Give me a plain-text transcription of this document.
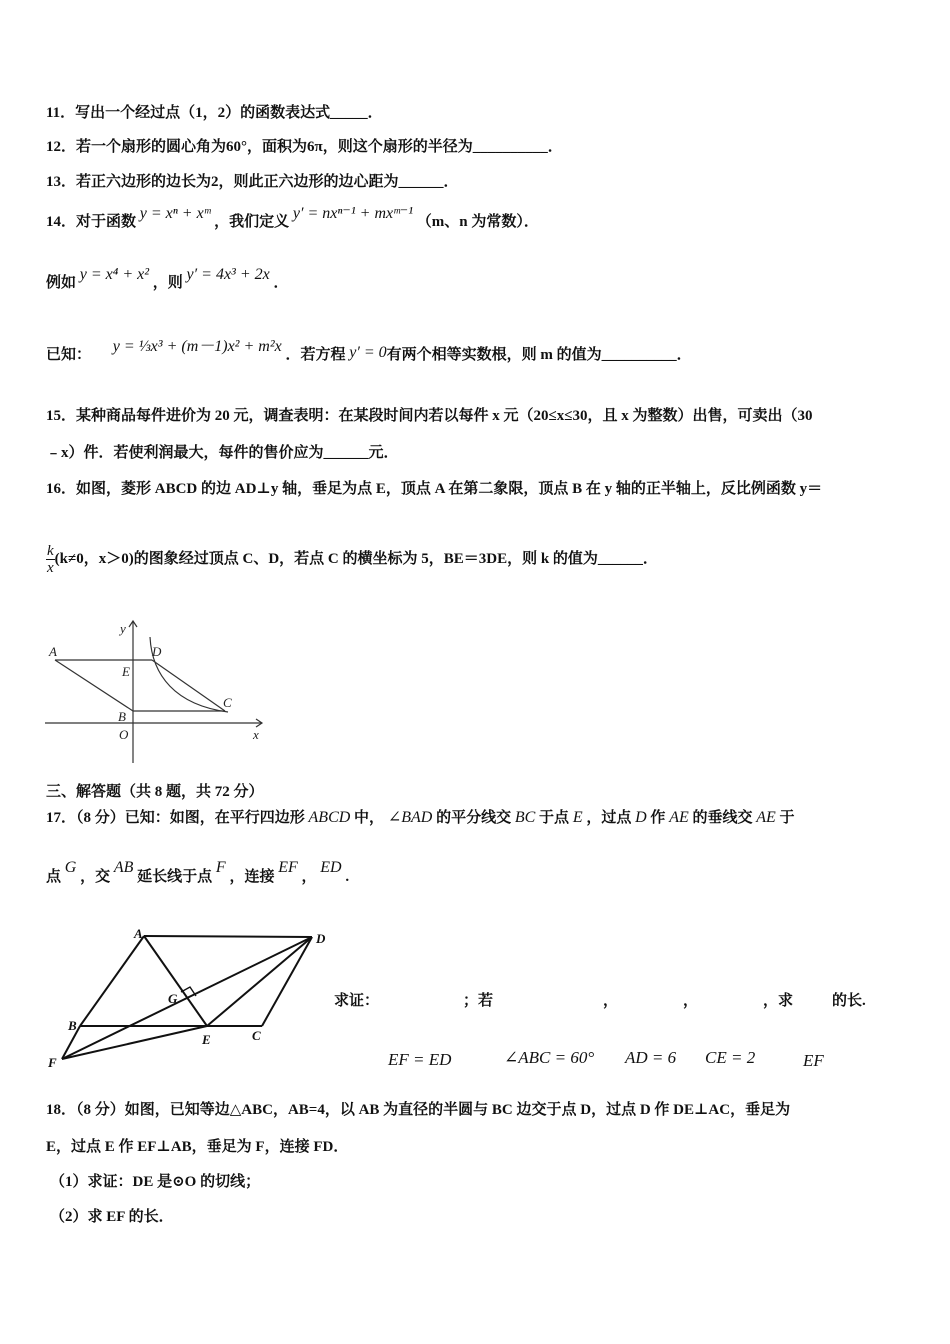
11．写出一个经过点（1，2）的函数表达式_____．
12．若一个扇形的圆心角为60°，面积为6π，则这个扇形的半径为__________．
13．若正六边形的边长为2，则此正六边形的边心距为______．
14．对于函数 y = xⁿ + xᵐ ，我们定义 y′ = nxⁿ⁻¹ + mxᵐ⁻¹ （m、n 为常数）．
例如 y = x⁴ + x² ，则 y′ = 4x³ + 2x ．
已知： y = ⅓x³ + (m－1)x² + m²x ．若方程 y′ = 0有两个相等实数根，则 m 的值为__________．
15．某种商品每件进价为 20 元，调查表明：在某段时间内若以每件 x 元（20≤x≤30，且 x 为整数）出售，可卖出（30
﹣x）件．若使利润最大，每件的售价应为______元．
16．如图，菱形 ABCD 的边 AD⊥y 轴，垂足为点 E，顶点 A 在第二象限，顶点 B 在 y 轴的正半轴上，反比例函数 y＝
$\frac{k}{x} (k\ne 0$，x＞0)的图象经过顶点 C、D，若点 C 的横坐标为 5，BE＝3DE，则 k 的值为______．
y
x
A	D
E
C
B
O
三、解答题（共 8 题，共 72 分）
17．（8 分）已知：如图，在平行四边形 ABCD 中， ∠BAD 的平分线交 BC 于点 E ，过点 D 作 AE 的垂线交 AE 于
点 G ，交 AB 延长线于点 F ，连接 EF ， ED .
A	D
B
C
E
F
G	求证：	；若	，	，	，求	的长.
EF = ED	∠ABC = 60° AD = 6 CE = 2	EF
18．（8 分）如图，已知等边△ABC，AB=4，以 AB 为直径的半圆与 BC 边交于点 D，过点 D 作 DE⊥AC，垂足为
E，过点 E 作 EF⊥AB，垂足为 F，连接 FD．
（1）求证：DE 是⊙O 的切线；
（2）求 EF 的长．
